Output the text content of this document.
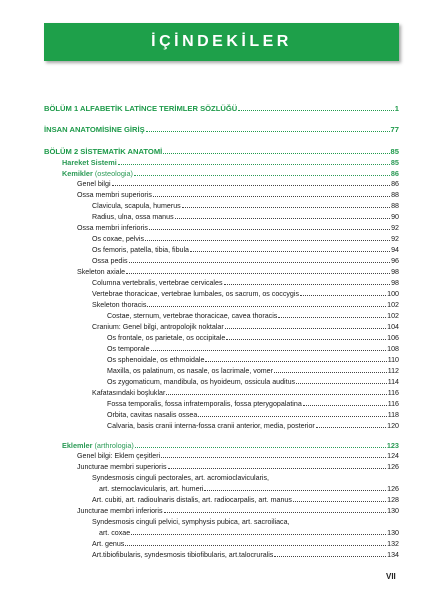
İÇİNDEKİLER
BÖLÜM 1 ALFABETİK LATİNCE TERİMLER SÖZLÜĞÜ	1
İNSAN ANATOMİSİNE GİRİŞ	77
BÖLÜM 2 SİSTEMATİK ANATOMİ	85
Hareket Sistemi	85
Kemikler (osteologia)	86
Genel bilgi	86
Ossa membri superioris	88
Clavicula, scapula, humerus	88
Radius, ulna, ossa manus	90
Ossa membri inferioris	92
Os coxae, pelvis	92
Os femoris, patella, tibia, fibula	94
Ossa pedis	96
Skeleton axiale	98
Columna vertebralis, vertebrae cervicales	98
Vertebrae thoracicae, vertebrae lumbales, os sacrum, os coccygis	100
Skeleton thoracis	102
Costae, sternum, vertebrae thoracicae, cavea thoracis	102
Cranium: Genel bilgi, antropolojik noktalar	104
Os frontale, os parietale, os occipitale	106
Os temporale	108
Os sphenoidale, os ethmoidale	110
Maxilla, os palatinum, os nasale, os lacrimale, vomer	112
Os zygomaticum, mandibula, os hyoideum, ossicula auditus	114
Kafatasındaki boşluklar	116
Fossa temporalis, fossa infratemporalis, fossa pterygopalatina	116
Orbita, cavitas nasalis ossea	118
Calvaria, basis cranii interna-fossa cranii anterior, media, posterior	120
Eklemler (arthrologia)	123
Genel bilgi: Eklem çeşitleri	124
Juncturae membri superioris	126
Syndesmosis cinguli pectorales, art. acromioclavicularis,
art. sternoclavicularis, art. humeri	126
Art. cubiti, art. radioulnaris distalis, art. radiocarpalis, art. manus	128
Juncturae membri inferioris	130
Syndesmosis cinguli pelvici, symphysis pubica, art. sacroiliaca,
art. coxae	130
Art. genus	132
Art.tibiofibularis, syndesmosis tibiofibularis, art.talocruralis	134
VII
